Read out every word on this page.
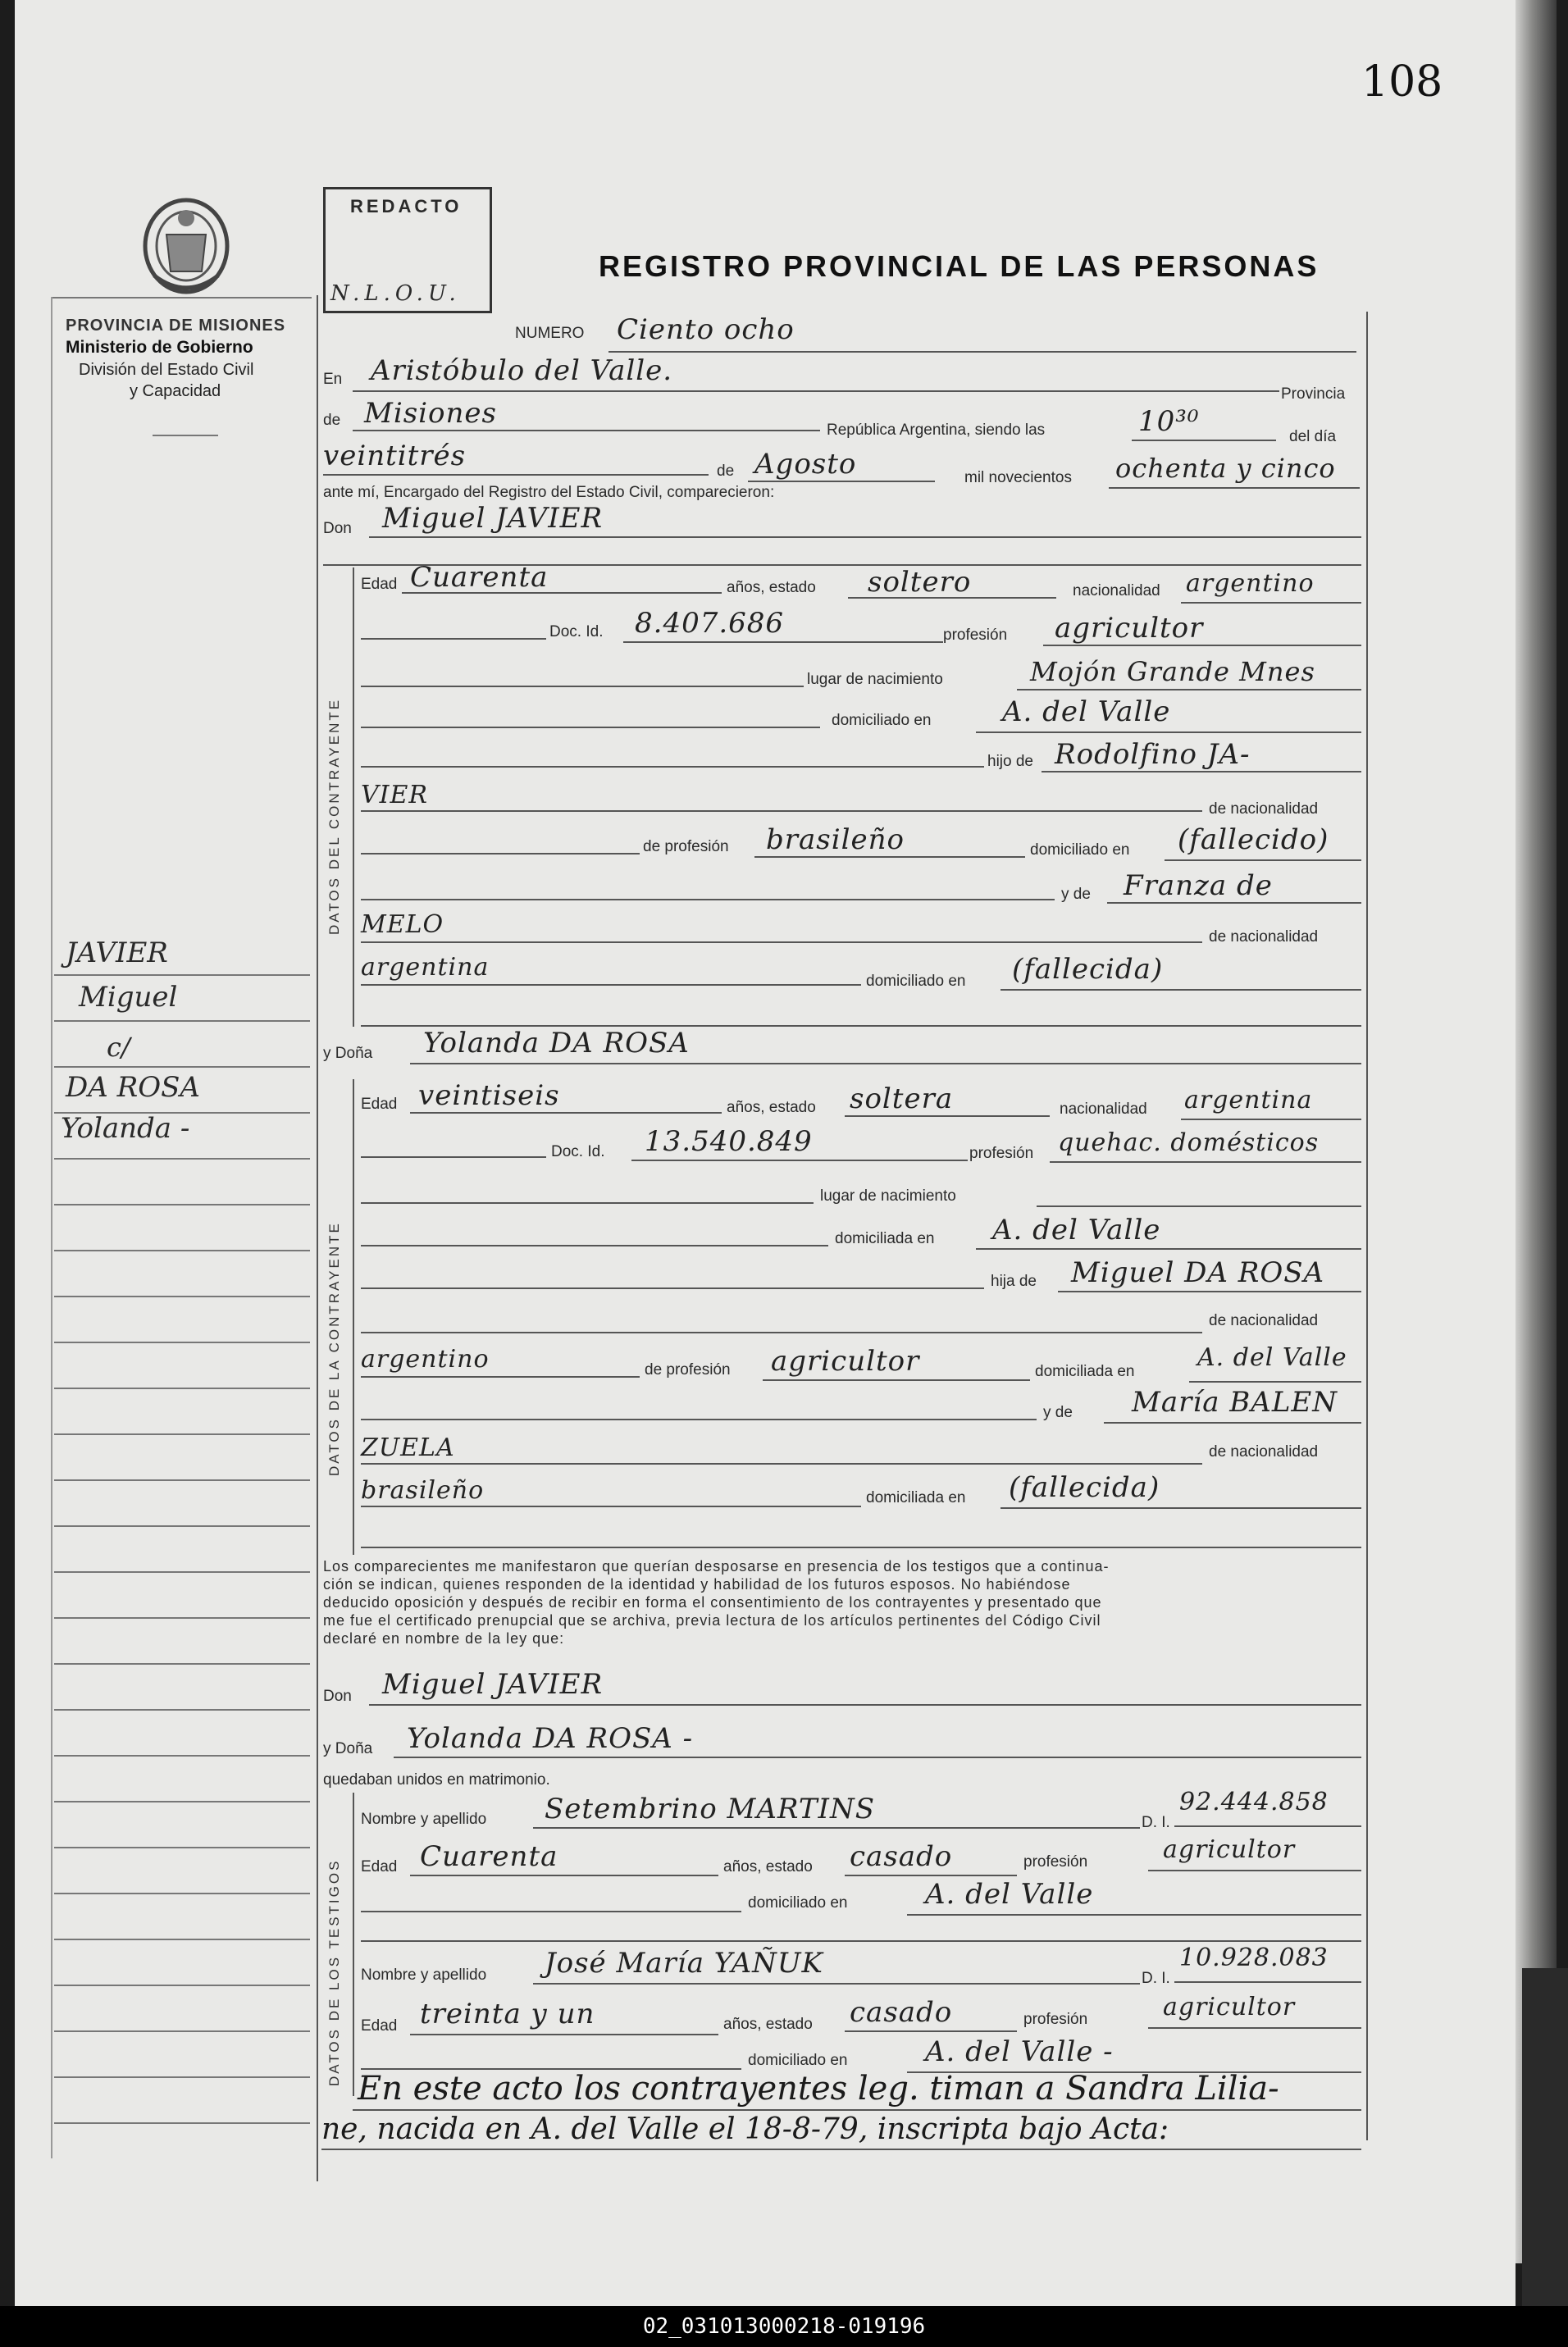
108
PROVINCIA DE MISIONES
Ministerio de Gobierno
División del Estado Civil
y Capacidad
REDACTO
N.L.O.U.
REGISTRO PROVINCIAL DE LAS PERSONAS
JAVIER
Miguel
c/
DA ROSA
Yolanda -
NUMERO Ciento ocho
En Aristóbulo del Valle.
Provincia
de Misiones
República Argentina, siendo las	10³⁰	del día
veintitrés	de Agosto	mil novecientos ochenta y cinco
ante mí, Encargado del Registro del Estado Civil, comparecieron:
Don Miguel JAVIER
DATOS DEL CONTRAYENTE
Edad Cuarenta	años, estado soltero	nacionalidad argentino
Doc. Id. 8.407.686	profesión agricultor
lugar de nacimiento	Mojón Grande Mnes
domiciliado en	A. del Valle
hijo de Rodolfino JA-
VIER	de nacionalidad
de profesión brasileño	domiciliado en (fallecido)
y de Franza de
MELO	de nacionalidad
argentina	domiciliado en (fallecida)
y Doña Yolanda DA ROSA
DATOS DE LA CONTRAYENTE
Edad veintiseis	años, estado soltera	nacionalidad argentina
Doc. Id. 13.540.849	profesión quehac. domésticos
lugar de nacimiento
domiciliada en A. del Valle
hija de Miguel DA ROSA
de nacionalidad
argentino	de profesión agricultor	domiciliada en	A. del Valle
y de María BALEN
ZUELA	de nacionalidad
brasileño	domiciliada en (fallecida)
Los comparecientes me manifestaron que querían desposarse en presencia de los testigos que a continua-
ción se indican, quienes responden de la identidad y habilidad de los futuros esposos. No habiéndose
deducido oposición y después de recibir en forma el consentimiento de los contrayentes y presentado que
me fue el certificado prenupcial que se archiva, previa lectura de los artículos pertinentes del Código Civil
declaré en nombre de la ley que:
Don Miguel JAVIER
y Doña Yolanda DA ROSA -
quedaban unidos en matrimonio.
DATOS DE LOS TESTIGOS
Nombre y apellido Setembrino MARTINS	D. I.
92.444.858
Edad Cuarenta	años, estado casado	profesión	agricultor
domiciliado en	A. del Valle
Nombre y apellido José María YAÑUK	D. I.
10.928.083
Edad treinta y un	años, estado casado	profesión	agricultor
domiciliado en	A. del Valle -
En este acto los contrayentes leg. timan a Sandra Lilia-
ne, nacida en A. del Valle el 18-8-79, inscripta bajo Acta:
02_031013000218-019196
